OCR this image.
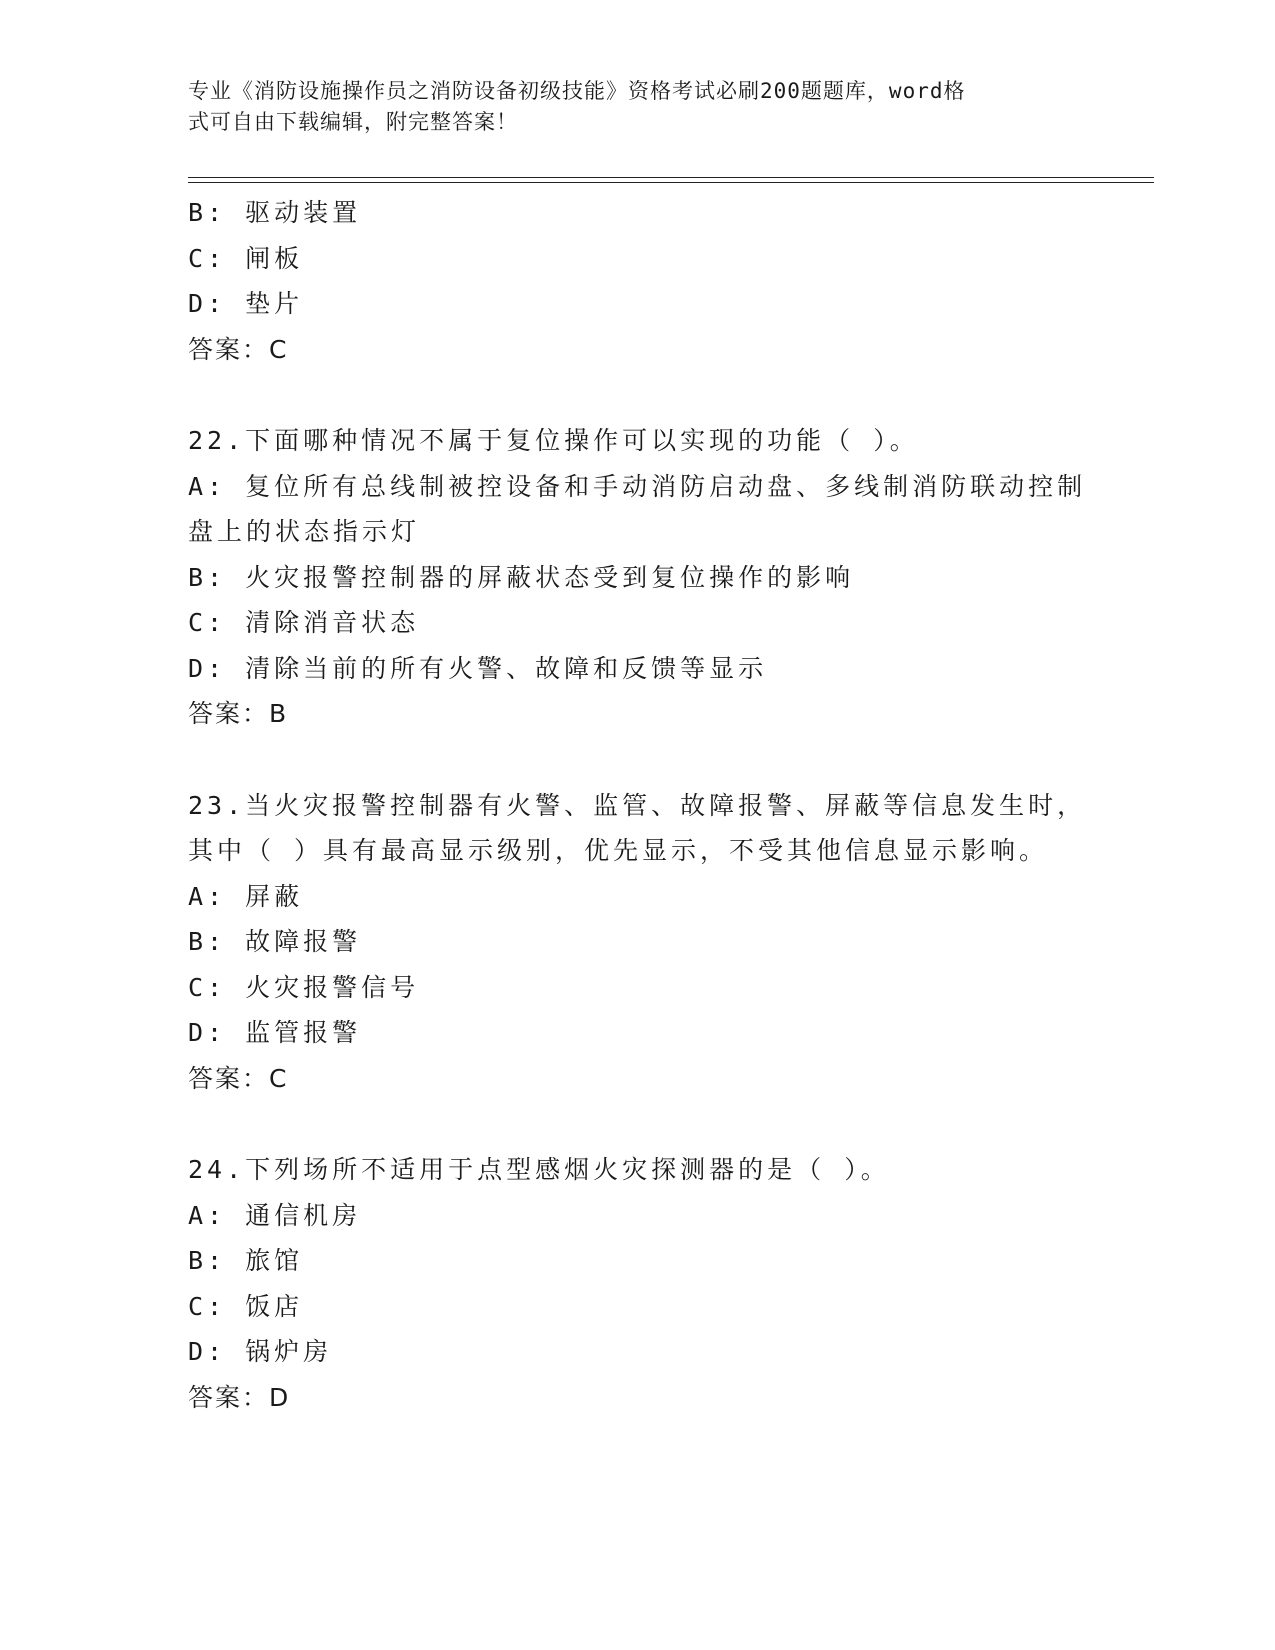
专业《消防设施操作员之消防设备初级技能》资格考试必刷200题题库，word格
式可自由下载编辑，附完整答案！
B: 驱动装置
C: 闸板
D: 垫片
答案：C
22.下面哪种情况不属于复位操作可以实现的功能（ ）。
A: 复位所有总线制被控设备和手动消防启动盘、多线制消防联动控制
盘上的状态指示灯
B: 火灾报警控制器的屏蔽状态受到复位操作的影响
C: 清除消音状态
D: 清除当前的所有火警、故障和反馈等显示
答案：B
23.当火灾报警控制器有火警、监管、故障报警、屏蔽等信息发生时，
其中（ ）具有最高显示级别，优先显示，不受其他信息显示影响。
A: 屏蔽
B: 故障报警
C: 火灾报警信号
D: 监管报警
答案：C
24.下列场所不适用于点型感烟火灾探测器的是（ ）。
A: 通信机房
B: 旅馆
C: 饭店
D: 锅炉房
答案：D
